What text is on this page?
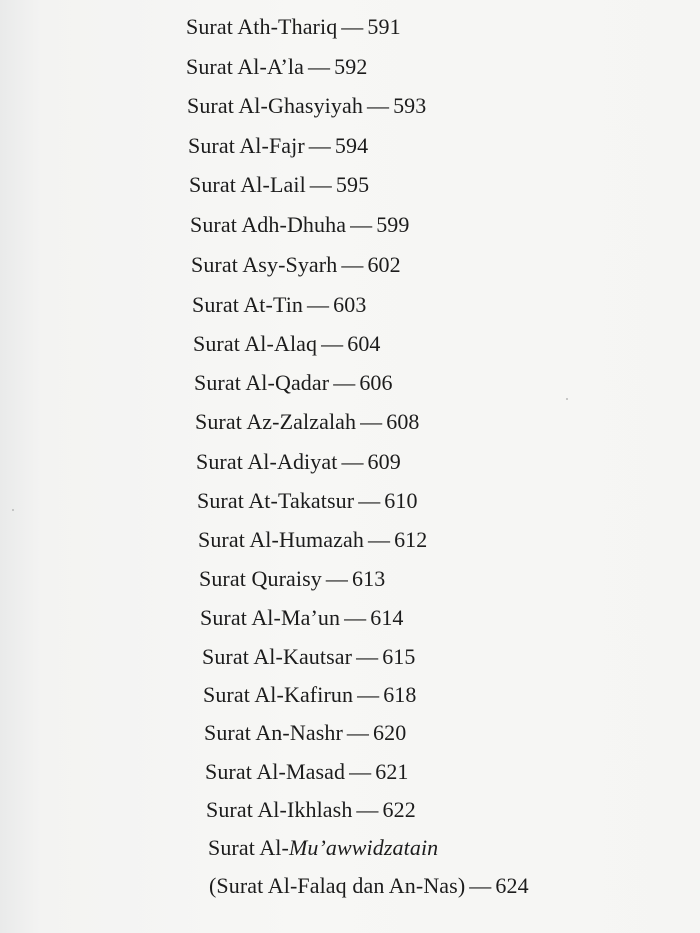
Surat Ath-Thariq — 591
Surat Al-A’la — 592
Surat Al-Ghasyiyah — 593
Surat Al-Fajr — 594
Surat Al-Lail — 595
Surat Adh-Dhuha — 599
Surat Asy-Syarh — 602
Surat At-Tin — 603
Surat Al-Alaq — 604
Surat Al-Qadar — 606
Surat Az-Zalzalah — 608
Surat Al-Adiyat — 609
Surat At-Takatsur — 610
Surat Al-Humazah — 612
Surat Quraisy — 613
Surat Al-Ma’un — 614
Surat Al-Kautsar — 615
Surat Al-Kafirun — 618
Surat An-Nashr — 620
Surat Al-Masad — 621
Surat Al-Ikhlash — 622
Surat Al-Mu’awwidzatain
(Surat Al-Falaq dan An-Nas) — 624
